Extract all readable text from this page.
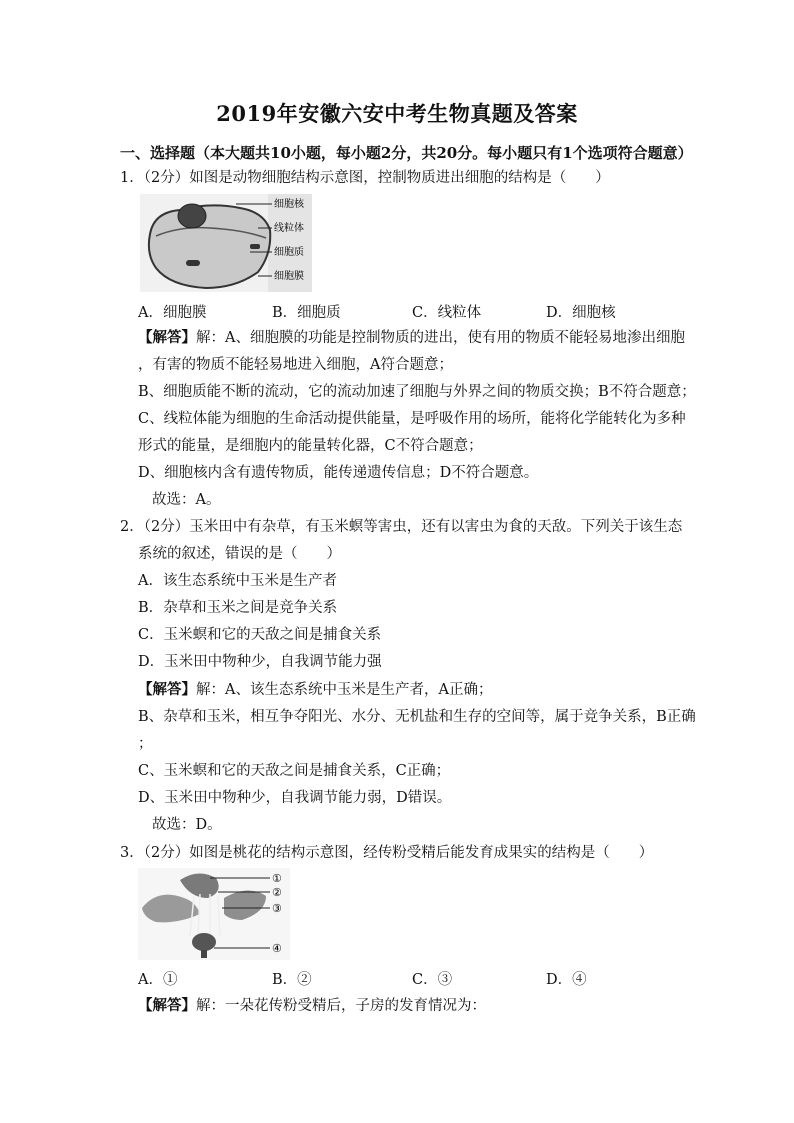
2019年安徽六安中考生物真题及答案
一、选择题（本大题共10小题，每小题2分，共20分。每小题只有1个选项符合题意）
1．（2分）如图是动物细胞结构示意图，控制物质进出细胞的结构是（　　）
细胞核
线粒体
细胞质
细胞膜
A．细胞膜	B．细胞质	C．线粒体	D．细胞核
【解答】解：A、细胞膜的功能是控制物质的进出，使有用的物质不能轻易地渗出细胞
，有害的物质不能轻易地进入细胞，A符合题意；
B、细胞质能不断的流动，它的流动加速了细胞与外界之间的物质交换；B不符合题意；
C、线粒体能为细胞的生命活动提供能量，是呼吸作用的场所，能将化学能转化为多种
形式的能量，是细胞内的能量转化器，C不符合题意；
D、细胞核内含有遗传物质，能传递遗传信息；D不符合题意。
故选：A。
2．（2分）玉米田中有杂草，有玉米螟等害虫，还有以害虫为食的天敌。下列关于该生态
系统的叙述，错误的是（　　）
A．该生态系统中玉米是生产者
B．杂草和玉米之间是竞争关系
C．玉米螟和它的天敌之间是捕食关系
D．玉米田中物种少，自我调节能力强
【解答】解：A、该生态系统中玉米是生产者，A正确；
B、杂草和玉米，相互争夺阳光、水分、无机盐和生存的空间等，属于竞争关系，B正确
；
C、玉米螟和它的天敌之间是捕食关系，C正确；
D、玉米田中物种少，自我调节能力弱，D错误。
故选：D。
3．（2分）如图是桃花的结构示意图，经传粉受精后能发育成果实的结构是（　　）
①
②
③
④
A．①	B．②	C．③	D．④
【解答】解：一朵花传粉受精后，子房的发育情况为：
